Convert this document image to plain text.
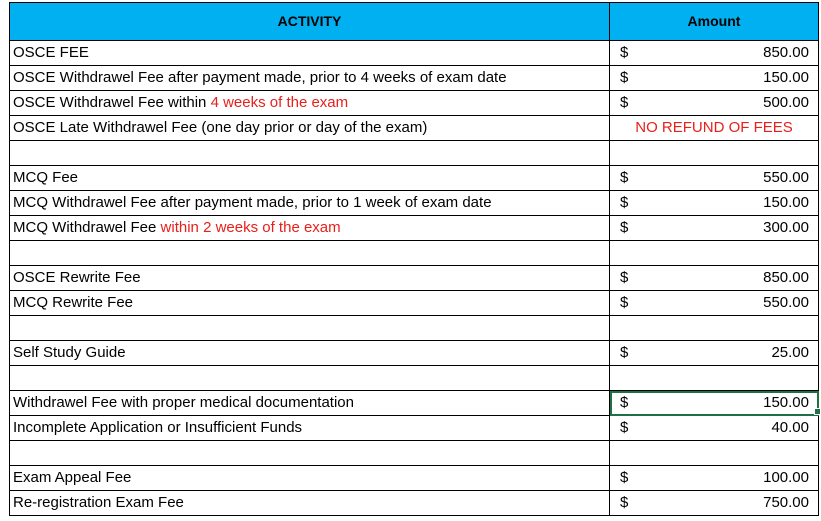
ACTIVITY	Amount
OSCE FEE	$ 850.00

OSCE Withdrawel Fee after payment made, prior to 4 weeks of exam date	$ 150.00

OSCE Withdrawel Fee within 4 weeks of the exam	$ 500.00

OSCE Late Withdrawel Fee (one day prior or day of the exam)	NO REFUND OF FEES

MCQ Fee	$ 550.00

MCQ Withdrawel Fee after payment made, prior to 1 week of exam date	$ 150.00

MCQ Withdrawel Fee within 2 weeks of the exam	$ 300.00

OSCE Rewrite Fee	$ 850.00

MCQ Rewrite Fee	$ 550.00

Self Study Guide	$ 25.00

Withdrawel Fee with proper medical documentation	$ 150.00

Incomplete Application or Insufficient Funds	$ 40.00

Exam Appeal Fee	$ 100.00

Re-registration Exam Fee	$ 750.00
